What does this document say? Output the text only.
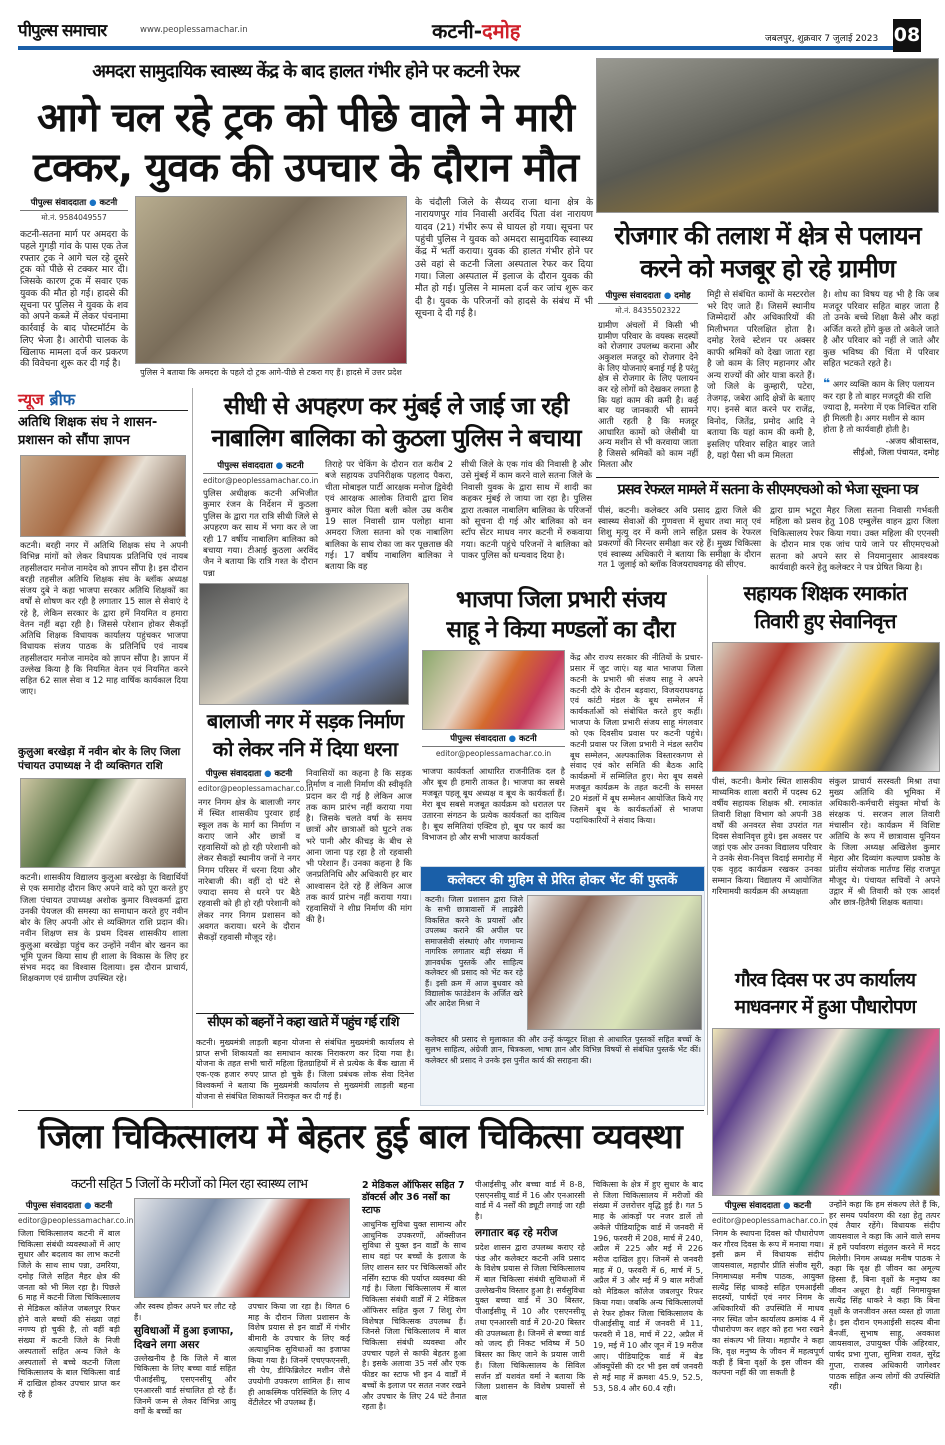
पीपुल्स समाचार	www.peoplessamachar.in	कटनी-दमोह	जबलपुर, शुक्रवार 7 जुलाई 2023 08
अमदरा सामुदायिक स्वास्थ्य केंद्र के बाद हालत गंभीर होने पर कटनी रेफर
आगे चल रहे ट्रक को पीछे वाले ने मारी
टक्कर, युवक की उपचार के दौरान मौत
पीपुल्स संवाददाता ● कटनी
मो.नं. 9584049557
कटनी-सतना मार्ग पर अमदरा के पहले गुगड़ी गांव के पास एक तेज रफ्तार ट्रक ने आगे चल रहे दूसरे ट्रक को पीछे से टक्कर मार दी। जिसके कारण ट्रक में सवार एक युवक की मौत हो गई। हादसे की सूचना पर पुलिस ने युवक के शव को अपने कब्जे में लेकर पंचनामा कार्रवाई के बाद पोस्टमॉर्टम के लिए भेजा है। आरोपी चालक के खिलाफ मामला दर्ज कर प्रकरण की विवेचना शुरू कर दी गई है।
पुलिस ने बताया कि अमदरा के पहले दो ट्रक आगे-पीछे से टकरा गए हैं। हादसे में उत्तर प्रदेश
के चंदौली जिले के सैय्यद राजा थाना क्षेत्र के नारायणपुर गांव निवासी अरविंद पिता वंश नारायण यादव (21) गंभीर रूप से घायल हो गया। सूचना पर पहुंची पुलिस ने युवक को अमदरा सामुदायिक स्वास्थ्य केंद्र में भर्ती कराया। युवक की हालत गंभीर होने पर उसे वहां से कटनी जिला अस्पताल रेफर कर दिया गया। जिला अस्पताल में इलाज के दौरान युवक की मौत हो गई। पुलिस ने मामला दर्ज कर जांच शुरू कर दी है। युवक के परिजनों को हादसे के संबंध में भी सूचना दे दी गई है।
रोजगार की तलाश में क्षेत्र से पलायन
करने को मजबूर हो रहे ग्रामीण
पीपुल्स संवाददाता ● दमोह
मो.नं. 8435502322
ग्रामीण अंचलों में किसी भी ग्रामीण परिवार के वयस्क सदस्यों को रोजगार उपलब्ध कराना और अकुशल मजदूर को रोजगार देने के लिए योजनाएं बनाई गई है परंतु क्षेत्र से रोजगार के लिए पलायन कर रहे लोगों को देखकर लगता है कि यहां काम की कमी है। कई बार यह जानकारी भी सामने आती रहती है कि मजदूर आधारित कामों को जेसीबी या अन्य मशीन से भी करवाया जाता है जिससे श्रमिकों को काम नहीं मिलता और
मिट्टी से संबंधित कामों के मस्टररोल भरे दिए जाते हैं। जिसमें स्थानीय जिम्मेदारों और अधिकारियों की मिलीभगत परिलक्षित होता है। दमोह रेलवे स्टेशन पर अक्सर काफी श्रमिकों को देखा जाता रहा है जो काम के लिए महानगर और अन्य राज्यों की ओर यात्रा करते हैं। जो जिले के कुम्हारी, पटेरा, तेजगढ़, जबेरा आदि क्षेत्रों के बताए गए। इनसे बात करने पर राजेंद्र, विनोद, जितेंद्र, प्रमोद आदि ने बताया कि यहां काम की कमी है, इसलिए परिवार सहित बाहर जाते है, यहां पैसा भी कम मिलता
है। शोध का विषय यह भी है कि जब मजदूर परिवार सहित बाहर जाता है तो उनके बच्चे शिक्षा कैसे और कहां अर्जित करते होंगे कुछ तो अकेले जाते है और परिवार को नहीं ले जाते और कुछ भविष्य की चिंता में परिवार सहित भटकते रहते है।
❝ अगर व्यक्ति काम के लिए पलायन कर रहा है तो बाहर मजदूरी की राशि ज्यादा है, मनरेगा में एक निश्चित राशि ही मिलती है। अगर मशीन से काम होता है तो कार्यवाही होती है।
-अजय श्रीवास्तव,
सीईओ, जिला पंचायत, दमोह
प्रसव रेफरल मामले में सतना के सीएमएचओ को भेजा सूचना पत्र
पीसं, कटनी। कलेक्टर अवि प्रसाद द्वारा जिले की स्वास्थ्य सेवाओं की गुणवत्ता में सुधार तथा मातृ एवं शिशु मृत्यु दर में कमी लाने सहित प्रसव के रेफरल प्रकरणों की निरन्तर समीक्षा कर रहे हैं। मुख्य चिकित्सा एवं स्वास्थ्य अधिकारी ने बताया कि समीक्षा के दौरान गत 1 जुलाई को ब्लॉक विजयराघवगढ़ की सीएच.
द्वारा ग्राम भटूरा मैहर जिला सतना निवासी गर्भवती महिला को प्रसव हेतु 108 एम्बुलेंस वाहन द्वारा जिला चिकित्सालय रेफर किया गया। उक्त महिला की एएनसी के दौरान मात्र एक जांच पाये जाने पर सीएमएचओ सतना को अपने स्तर से नियमानुसार आवश्यक कार्यवाही करने हेतु कलेक्टर ने पत्र प्रेषित किया है।
न्यूज ब्रीफ
अतिथि शिक्षक संघ ने शासन-प्रशासन को सौंपा ज्ञापन
कटनी। बरही नगर में अतिथि शिक्षक संघ ने अपनी विभिन्न मांगों को लेकर विधायक प्रतिनिधि एवं नायब तहसीलदार मनोज नामदेव को ज्ञापन सौंपा है। इस दौरान बरही तहसील अतिथि शिक्षक संघ के ब्लॉक अध्यक्ष संजय दुबे ने कहा भाजपा सरकार अतिथि शिक्षकों का वर्षों से शोषण कर रही है लगातार 15 साल से सेवाएं दे रहे है, लेकिन सरकार के द्वारा हमें नियमित व हमारा वेतन नहीं बढ़ा रही है। जिससे परेशान होकर सैकड़ों अतिथि शिक्षक विधायक कार्यालय पहुंचकर भाजपा विधायक संजय पाठक के प्रतिनिधि एवं नायब तहसीलदार मनोज नामदेव को ज्ञापन सौंपा है। ज्ञापन में उल्लेख किया है कि नियमित वेतन एवं नियमित करने सहित 62 साल सेवा व 12 माह वार्षिक कार्यकाल दिया जाए।
कुलुआ बरखेड़ा में नवीन बोर के लिए जिला पंचायत उपाध्यक्ष ने दी व्यक्तिगत राशि
कटनी। शासकीय विद्यालय कुलुआ बरखेड़ा के विद्यार्थियों से एक समारोह दौरान किए अपने वादे को पूरा करते हुए जिला पंचायत उपाध्यक्ष अशोक कुमार विश्वकर्मा द्वारा उनकी पेयजल की समस्या का समाधान करते हुए नवीन बोर के लिए अपनी ओर से व्यक्तिगत राशि प्रदान की। नवीन शिक्षण सत्र के प्रथम दिवस शासकीय शाला कुलुआ बरखेड़ा पहुंच कर उन्होंने नवीन बोर खनन का भूमि पूजन किया साथ ही शाला के विकास के लिए हर संभव मदद का विश्वास दिलाया। इस दौरान प्राचार्य, शिक्षकगण एवं ग्रामीण उपस्थित रहे।
सीधी से अपहरण कर मुंबई ले जाई जा रही
नाबालिग बालिका को कुठला पुलिस ने बचाया
पीपुल्स संवाददाता ● कटनी
editor@peoplessamachar.co.in
पुलिस अधीक्षक कटनी अभिजीत कुमार रंजन के निर्देशन में कुठला पुलिस के द्वारा गत रात्रि सीधी जिले से अपहरण कर साथ में भगा कर ले जा रही 17 वर्षीय नाबालिग बालिका को बचाया गया। टीआई कुठला अरविंद जैन ने बताया कि रात्रि गश्त के दौरान पन्ना
तिराहे पर चेकिंग के दौरान रात करीब 2 बजे सहायक उपनिरीक्षक पहलाद पैकरा, चीता मोबाइल पार्टी आरक्षक मनोज द्विवेदी एवं आरक्षक आलोक तिवारी द्वारा शिव कुमार कोल पिता बली कोल उम्र करीब 19 साल निवासी ग्राम पलोहा थाना अमदरा जिला सतना को एक नाबालिग बालिका के साथ रोका जा कर पूछताछ की गई। 17 वर्षीय नाबालिग बालिका ने बताया कि वह
सीधी जिले के एक गांव की निवासी है और उसे मुंबई में काम करने वाले सतना जिले के निवासी युवक के द्वारा साथ में शादी का कहकर मुंबई ले जाया जा रहा है। पुलिस द्वारा तत्काल नाबालिग बालिका के परिजनों को सूचना दी गई और बालिका को वन स्टॉप सेंटर माधव नगर कटनी में रुकवाया गया। कटनी पहुंचे परिजनों ने बालिका को पाकर पुलिस को धन्यवाद दिया है।
बालाजी नगर में सड़क निर्माण
को लेकर ननि में दिया धरना
पीपुल्स संवाददाता ● कटनी
editor@peoplessamachar.co.in
नगर निगम क्षेत्र के बालाजी नगर में स्थित शासकीय पुरवार हाई स्कूल तक के मार्ग का निर्माण न कराए जाने और छात्रों व रहवासियों को हो रही परेशानी को लेकर सैकड़ों स्थानीय जनों ने नगर निगम परिसर में धरना दिया और नारेबाजी की। वहीं दो घंटे से ज्यादा समय से धरने पर बैठे रहवासी को ही हो रही परेशानी को लेकर नगर निगम प्रशासन को अवगत कराया। धरने के दौरान सैकड़ों रहवासी मौजूद रहे।
निवासियों का कहना है कि सड़क निर्माण व नाली निर्माण की स्वीकृति प्रदान कर दी गई है लेकिन आज तक काम प्रारंभ नहीं कराया गया है। जिसके चलते वर्षा के समय छात्रों और छात्राओं को घुटने तक भरे पानी और कीचड़ के बीच से आना जाना पड़ रहा है तो रहवासी भी परेशान हैं। उनका कहना है कि जनप्रतिनिधि और अधिकारी हर बार आश्वासन देते रहे हैं लेकिन आज तक कार्य प्रारंभ नहीं कराया गया। रहवासियों ने शीघ्र निर्माण की मांग की है।
सीएम को बहनों ने कहा खाते में पहुंच गई राशि
कटनी। मुख्यमंत्री लाड़ली बहना योजना से संबंधित मुख्यमंत्री कार्यालय से प्राप्त सभी शिकायतों का समाधान कारक निराकरण कर दिया गया है। योजना के तहत सभी चारों महिला हितग्राहियों में से प्रत्येक के बैंक खाता में एक-एक हजार रुपए प्राप्त हो चुके हैं। जिला प्रबंधक लोक सेवा दिनेश विश्वकर्मा ने बताया कि मुख्यमंत्री कार्यालय से मुख्यमंत्री लाड़ली बहना योजना से संबंधित शिकायतें निराकृत कर दी गई हैं।
भाजपा जिला प्रभारी संजय
साहू ने किया मण्डलों का दौरा
पीपुल्स संवाददाता ● कटनी
editor@peoplessamachar.co.in
केंद्र और राज्य सरकार की नीतियों के प्रचार-प्रसार में जुट जाएं। यह बात भाजपा जिला कटनी के प्रभारी श्री संजय साहू ने अपने कटनी दौरे के दौरान बड़वारा, विजयराघवगढ़ एवं कांटी मंडल के बूथ सम्मेलन में कार्यकर्ताओं को संबोधित करते हुए कहीं। भाजपा के जिला प्रभारी संजय साहू मंगलवार को एक दिवसीय प्रवास पर कटनी पहुंचे। कटनी प्रवास पर जिला प्रभारी ने मंडल स्तरीय बूथ सम्मेलन, अल्पकालिक विस्तारकगण से संवाद एवं कोर समिति की बैठक आदि कार्यक्रमों में सम्मिलित हुए। मेरा बूथ सबसे मजबूत कार्यक्रम के तहत कटनी के समस्त 20 मंडलों में बूथ सम्मेलन आयोजित किये गए जिसमें बूथ के कार्यकर्ताओं से भाजपा पदाधिकारियों ने संवाद किया।
भाजपा कार्यकर्ता आधारित राजनीतिक दल है और बूथ ही हमारी ताकत है। भाजपा का सबसे मजबूत पहलू बूथ अध्यक्ष व बूथ के कार्यकर्ता हैं। मेरा बूथ सबसे मजबूत कार्यक्रम को धरातल पर उतारना संगठन के प्रत्येक कार्यकर्ता का दायित्व है। बूथ समितियां एक्टिव हो, बूथ पर कार्य का विभाजन हो और सभी भाजपा कार्यकर्ता
कलेक्टर की मुहिम से प्रेरित होकर भेंट कीं पुस्तकें
कटनी। जिला प्रशासन द्वारा जिले के सभी छात्रावासों में लाइब्रेरी विकसित करने के प्रयासों और उपलब्ध कराने की अपील पर समाजसेवी संस्थाएं और गणमान्य नागरिक लगातार बड़ी संख्या में ज्ञानवर्धक पुस्तकें और साहित्य कलेक्टर श्री प्रसाद को भेंट कर रहे हैं। इसी क्रम में आज बुधवार को विद्यालोक फाउंडेशन के अर्जित खरे और आदेश मिश्रा ने
कलेक्टर श्री प्रसाद से मुलाकात की और उन्हें कंप्यूटर शिक्षा से आधारित पुस्तकों सहित बच्चों के सुलभ साहित्य, अंग्रेजी ज्ञान, चित्रकला, भाषा ज्ञान और विभिन्न विषयों से संबंधित पुस्तकें भेंट कीं। कलेक्टर श्री प्रसाद ने उनके इस पुनीत कार्य की सराहना की।
सहायक शिक्षक रमाकांत
तिवारी हुए सेवानिवृत्त
पीसं, कटनी। कैमोर स्थित शासकीय माध्यमिक शाला बरारी में पदस्थ 62 वर्षीय सहायक शिक्षक श्री. रमाकांत तिवारी शिक्षा विभाग को अपनी 38 वर्षों की अनवरत सेवा उपरांत गत दिवस सेवानिवृत्त हुये। इस अवसर पर जहां एक ओर उनका विद्यालय परिवार ने उनके सेवा-निवृत्त विदाई समारोह में एक वृहद कार्यक्रम रखकर उनका सम्मान किया। विद्यालय में आयोजित गरिमामयी कार्यक्रम की अध्यक्षता
संकुल प्राचार्य सरस्वती मिश्रा तथा मुख्य अतिथि की भूमिका में अधिकारी-कर्मचारी संयुक्त मोर्चा के संरक्षक पं. सरजन लाल तिवारी मंचासीन रहे। कार्यक्रम में विशिष्ट अतिथि के रूप में छात्रावास यूनियन के जिला अध्यक्ष अखिलेश कुमार मेहरा और दिव्यांग कल्याण प्रकोष्ठ के प्रांतीय संयोजक मार्तण्ड सिंह राजपूत मौजूद थे। पंचायत सचिवों ने अपने उद्गार में श्री तिवारी को एक आदर्श और छात्र-हितैषी शिक्षक बताया।
गौरव दिवस पर उप कार्यालय
माधवनगर में हुआ पौधारोपण
पीपुल्स संवाददाता ● कटनी
editor@peoplessamachar.co.in
निगम के स्थापना दिवस को पौधारोपण कर गौरव दिवस के रूप में मनाया गया। इसी क्रम में विधायक संदीप जायसवाल, महापौर प्रीति संजीव सूरी, निगमाध्यक्ष मनीष पाठक, आयुक्त सत्येंद्र सिंह धाकड़े सहित एमआईसी सदस्यों, पार्षदों एवं नगर निगम के अधिकारियों की उपस्थिति में माधव नगर स्थित जोन कार्यालय क्रमांक 4 में पौधारोपण कर शहर को हरा भरा रखने का संकल्प भी लिया। महापौर ने कहा कि, वृक्ष मनुष्य के जीवन में महत्वपूर्ण कड़ी हैं बिना वृक्षों के इस जीवन की कल्पना नहीं की जा सकती है
उन्होंने कहा कि हम संकल्प लेते हैं कि, हर समय पर्यावरण की रक्षा हेतु तत्पर एवं तैयार रहेंगे। विधायक संदीप जायसवाल ने कहा कि आने वाले समय में हमें पर्यावरण संतुलन करने में मदद मिलेगी। निगम अध्यक्ष मनीष पाठक ने कहा कि वृक्ष ही जीवन का अमूल्य हिस्सा हैं, बिना वृक्षों के मनुष्य का जीवन अधूरा है। वहीं निगमायुक्त सत्येंद्र सिंह धाकरे ने कहा कि बिना वृक्षों के जनजीवन अस्त व्यस्त हो जाता है। इस दौरान एमआईसी सदस्य बीना बैनर्जी, सुभाष साहू, अवकाश जायसवाल, उपायुक्त पीके अहिरवार, पार्षद प्रभा गुप्ता, सुमित्रा रावत, सुरेंद्र गुप्ता, राजस्व अधिकारी जागेश्वर पाठक सहित अन्य लोगों की उपस्थिति रही।
जिला चिकित्सालय में बेहतर हुई बाल चिकित्सा व्यवस्था
कटनी सहित 5 जिलों के मरीजों को मिल रहा स्वास्थ्य लाभ
पीपुल्स संवाददाता ● कटनी
editor@peoplessamachar.co.in
जिला चिकित्सालय कटनी में बाल चिकित्सा संबंधी व्यवस्थाओं में आए सुधार और बदलाव का लाभ कटनी जिले के साथ साथ पन्ना, उमरिया, दमोह जिले सहित मैहर क्षेत्र की जनता को भी मिल रहा है। पिछले 6 माह में कटनी जिला चिकित्सालय से मेडिकल कॉलेज जबलपुर रिफर होने वाले बच्चों की संख्या जहां नगण्य हो चुकी है, तो वहीं बड़ी संख्या में कटनी जिले के निजी अस्पतालों सहित अन्य जिले के अस्पतालों से बच्चे कटनी जिला चिकित्सालय के बाल चिकित्सा वार्ड में दाखिल होकर उपचार प्राप्त कर रहे हैं
और स्वस्थ होकर अपने घर लौट रहे हैं।
सुविधाओं में हुआ इजाफा, दिखने लगा असर
उल्लेखनीय है कि जिले में बाल चिकित्सा के लिए बच्चा वार्ड सहित पीआईसीयू, एसएनसीयू और एनआरसी वार्ड संचालित हो रहे हैं। जिनमें जन्म से लेकर विभिन्न आयु वर्गों के बच्चों का
उपचार किया जा रहा है। विगत 6 माह के दौरान जिला प्रशासन के विशेष प्रयास से इन वार्डों में गंभीर बीमारी के उपचार के लिए कई अत्याधुनिक सुविधाओं का इजाफा किया गया है। जिनमें एचएफएनसी, सी पेप, डीफिब्रिलेटर मशीन जैसे उपयोगी उपकरण शामिल हैं। साथ ही आकस्मिक परिस्थिति के लिए 4 वेंटीलेटर भी उपलब्ध हैं।
2 मेडिकल ऑफिसर सहित 7 डॉक्टर्स और 36 नर्सों का स्टाफ
आधुनिक सुविधा युक्त सामान्य और आधुनिक उपकरणों, ऑक्सीजन सुविधा से युक्त इन वार्डों के साथ साथ वहां पर बच्चों के इलाज के लिए शासन स्तर पर चिकित्सकों और नर्सिंग स्टाफ की पर्याप्त व्यवस्था की गई है। जिला चिकित्सालय में बाल चिकित्सा संबंधी वार्डों में 2 मेडिकल ऑफिसर सहित कुल 7 शिशु रोग विशेषज्ञ चिकित्सक उपलब्ध हैं। जिनसे जिला चिकित्सालय में बाल चिकित्सा संबंधी व्यवस्था और उपचार पहले से काफी बेहतर हुआ है। इसके अलावा 35 नर्स और एक फीडर का स्टाफ भी इन 4 वार्डों में बच्चों के इलाज पर सतत नजर रखने और उपचार के लिए 24 घंटे तैनात रहता है।
पीआईसीयू और बच्चा वार्ड में 8-8, एसएनसीयू वार्ड में 16 और एनआरसी वार्ड में 4 नर्सों की ड्यूटी लगाई जा रही है।
लगातार बढ़ रहे मरीज
प्रदेश शासन द्वारा उपलब्ध कराए रहे फंड और कलेक्टर कटनी अवि प्रसाद के विशेष प्रयास से जिला चिकित्सालय में बाल चिकित्सा संबंधी सुविधाओं में उल्लेखनीय विस्तार हुआ है। सर्वसुविधा युक्त बच्चा वार्ड में 30 बिस्तर, पीआईसीयू में 10 और एसएनसीयू तथा एनआरसी वार्ड में 20-20 बिस्तर की उपलब्धता है। जिनमें से बच्चा वार्ड को जल्द ही निकट भविष्य में 50 बिस्तर का किए जाने के प्रयास जारी हैं। जिला चिकित्सालय के सिविल सर्जन डॉ यशवंत वर्मा ने बताया कि जिला प्रशासन के विशेष प्रयासों से बाल
चिकित्सा के क्षेत्र में हुए सुधार के बाद से जिला चिकित्सालय में मरीजों की संख्या में उत्तरोत्तर वृद्धि हुई है। गत 5 माह के आंकड़ों पर नजर डालें तो अकेले पीडियाट्रिक वार्ड में जनवरी में 196, फरवरी में 208, मार्च में 240, अप्रैल में 225 और मई में 226 मरीज दाखिल हुए। जिनमें से जनवरी माह में 0, फरवरी में 6, मार्च में 5, अप्रैल में 3 और मई में 9 बाल मरीजों को मेडिकल कॉलेज जबलपुर रिफर किया गया। जबकि अन्य चिकित्सालयों से रेफर होकर जिला चिकित्सालय के पीआईसीयू वार्ड में जनवरी में 11, फरवरी में 18, मार्च में 22, अप्रैल में 19, मई में 10 और जून में 19 मरीज आए। पीडियाट्रिक वार्ड में बेड ऑक्यूपेंसी की दर भी इस वर्ष जनवरी से मई माह में क्रमशः 45.9, 52.5, 53, 58.4 और 60.4 रही।
